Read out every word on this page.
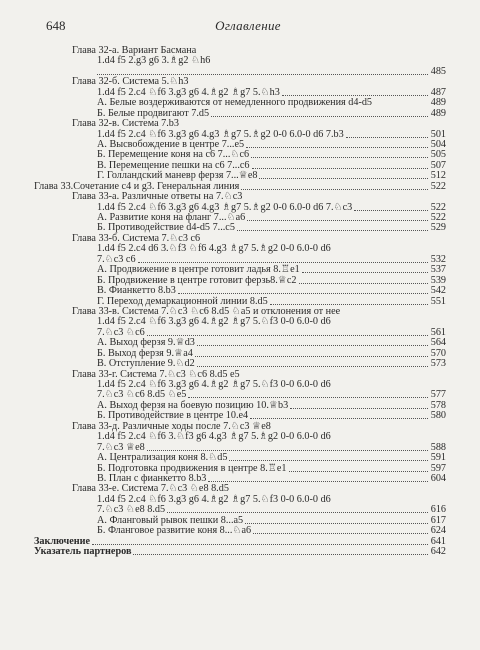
648	Оглавление
Глава 32-а. Вариант Басмана
1.d4 f5 2.g3 g6 3.♗g2 ♘h6
485
Глава 32-б. Система 5.♘h3
1.d4 f5 2.c4 ♘f6 3.g3 g6 4.♗g2 ♗g7 5.♘h3	487
А. Белые воздерживаются от немедленного продвижения d4-d5	489
Б. Белые продвигают 7.d5	489
Глава 32-в. Система 7.b3
1.d4 f5 2.c4 ♘f6 3.g3 g6 4.g3 ♗g7 5.♗g2 0-0 6.0-0 d6 7.b3	501
А. Высвобождение в центре 7...e5	504
Б. Перемещение коня на с6 7...♘c6	505
В. Перемещение пешки на с6 7...c6	507
Г. Голландский маневр ферзя 7...♕e8	512
Глава 33.Сочетание c4 и g3. Генеральная линия	522
Глава 33-а. Различные ответы на 7.♘c3
1.d4 f5 2.c4 ♘f6 3.g3 g6 4.g3 ♗g7 5.♗g2 0-0 6.0-0 d6 7.♘c3	522
А. Развитие коня на фланг 7...♘a6	522
Б. Противодействие d4-d5 7...c5	529
Глава 33-б. Система 7.♘c3 c6
1.d4 f5 2.c4 d6 3.♘f3 ♘f6 4.g3 ♗g7 5.♗g2 0-0 6.0-0 d6
7.♘c3 c6	532
А. Продвижение в центре готовит ладья 8.♖e1	537
Б. Продвижение в центре готовит ферзь8.♕c2	539
В. Фианкетто 8.b3	542
Г. Переход демаркационной линии 8.d5	551
Глава 33-в. Система 7.♘c3 ♘c6 8.d5 ♘a5 и отклонения от нее
1.d4 f5 2.c4 ♘f6 3.g3 g6 4.♗g2 ♗g7 5.♘f3 0-0 6.0-0 d6
7.♘c3 ♘c6	561
А. Выход ферзя 9.♕d3	564
Б. Выход ферзя 9.♕a4	570
В. Отступление 9.♘d2	573
Глава 33-г. Система 7.♘c3 ♘c6 8.d5 e5
1.d4 f5 2.c4 ♘f6 3.g3 g6 4.♗g2 ♗g7 5.♘f3 0-0 6.0-0 d6
7.♘c3 ♘c6 8.d5 ♘e5	577
А. Выход ферзя на боевую позицию 10.♕b3	578
Б. Противодействие в центре 10.e4	580
Глава 33-д. Различные ходы после 7.♘c3 ♕e8
1.d4 f5 2.c4 ♘f6 3.♘f3 g6 4.g3 ♗g7 5.♗g2 0-0 6.0-0 d6
7.♘c3 ♕e8	588
А. Централизация коня 8.♘d5	591
Б. Подготовка продвижения в центре 8.♖e1	597
В. План с фианкетто 8.b3	604
Глава 33-е. Система 7.♘c3 ♘e8 8.d5
1.d4 f5 2.c4 ♘f6 3.g3 g6 4.♗g2 ♗g7 5.♘f3 0-0 6.0-0 d6
7.♘c3 ♘e8 8.d5	616
А. Фланговый рывок пешки 8...a5	617
Б. Фланговое развитие коня 8...♘a6	624
Заключение	641
Указатель партнеров	642
